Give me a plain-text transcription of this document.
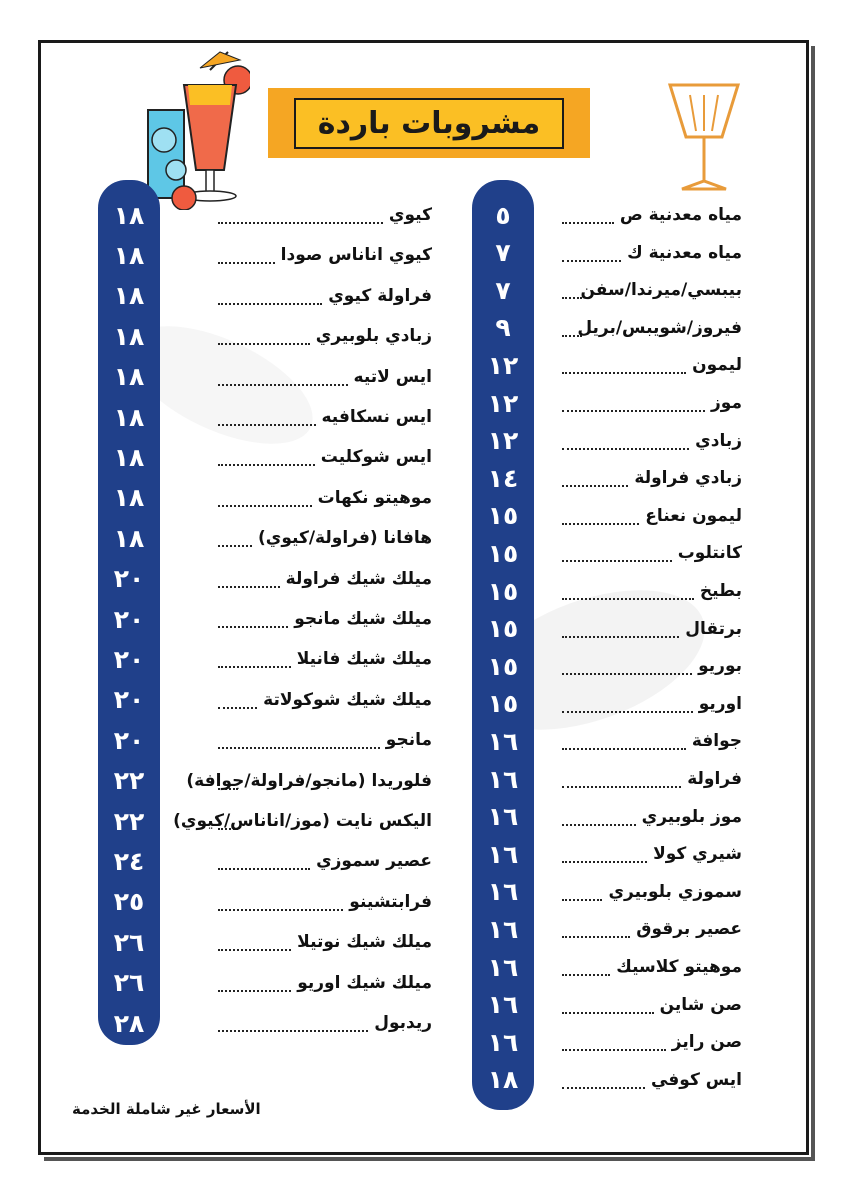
مشروبات باردة
٥	مياه معدنية ص
٧	مياه معدنية ك
٧	بيبسي/ميرندا/سفن
٩	فيروز/شويبس/بريل
١٢	ليمون
١٢	موز
١٢	زبادي
١٤	زبادي فراولة
١٥	ليمون نعناع
١٥	كانتلوب
١٥	بطيخ
١٥	برتقال
١٥	بوريو
١٥	اوريو
١٦	جوافة
١٦	فراولة
١٦	موز بلوبيري
١٦	شيري كولا
١٦	سموزي بلوبيري
١٦	عصير برقوق
١٦	موهيتو كلاسيك
١٦	صن شاين
١٦	صن رايز
١٨	ايس كوفي
١٨	كيوي
١٨	كيوي اناناس صودا
١٨	فراولة كيوي
١٨	زبادي بلوبيري
١٨	ايس لاتيه
١٨	ايس نسكافيه
١٨	ايس شوكليت
١٨	موهيتو نكهات
١٨	هافانا (فراولة/كيوي)
٢٠	ميلك شيك فراولة
٢٠	ميلك شيك مانجو
٢٠	ميلك شيك فانيلا
٢٠	ميلك شيك شوكولاتة
٢٠	مانجو
٢٢	فلوريدا (مانجو/فراولة/جوافة)
٢٢	اليكس نايت (موز/اناناس/كيوي)
٢٤	عصير سموزي
٢٥	فرابتشينو
٢٦	ميلك شيك نوتيلا
٢٦	ميلك شيك اوريو
٢٨	ريدبول
الأسعار غير شاملة الخدمة
